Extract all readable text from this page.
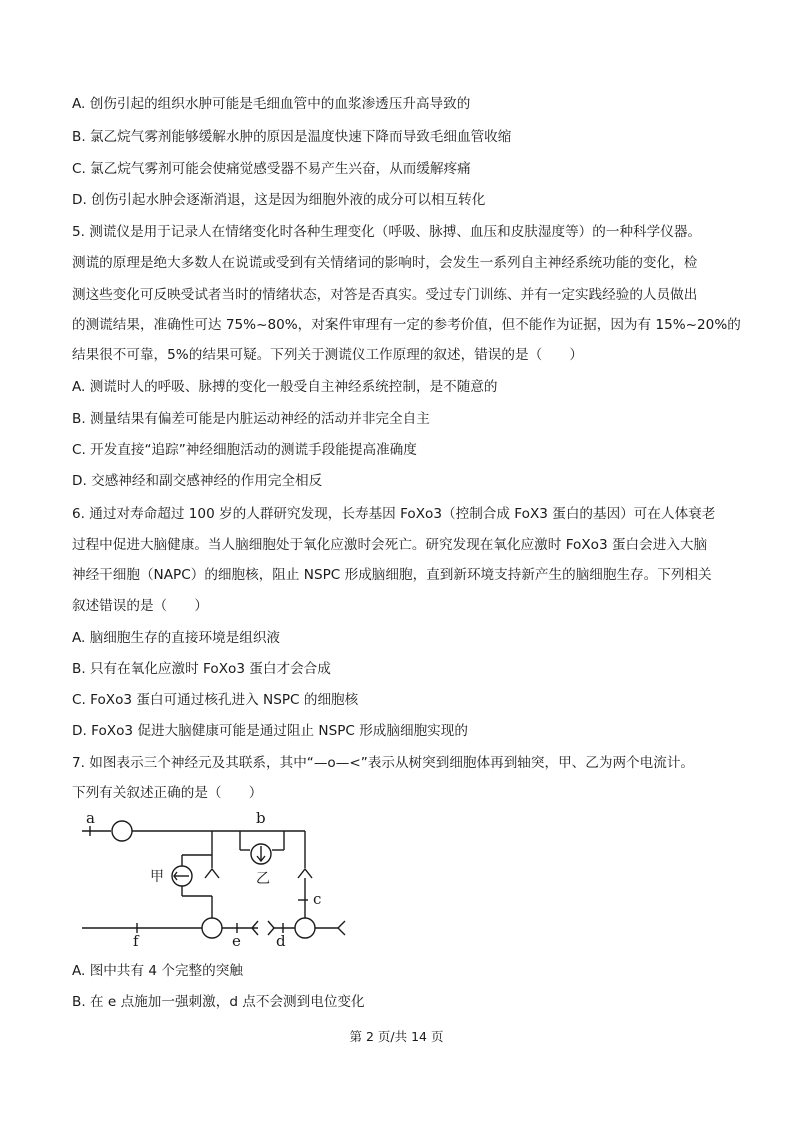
A. 创伤引起的组织水肿可能是毛细血管中的血浆渗透压升高导致的
B. 氯乙烷气雾剂能够缓解水肿的原因是温度快速下降而导致毛细血管收缩
C. 氯乙烷气雾剂可能会使痛觉感受器不易产生兴奋，从而缓解疼痛
D. 创伤引起水肿会逐渐消退，这是因为细胞外液的成分可以相互转化
5. 测谎仪是用于记录人在情绪变化时各种生理变化（呼吸、脉搏、血压和皮肤湿度等）的一种科学仪器。
测谎的原理是绝大多数人在说谎或受到有关情绪词的影响时，会发生一系列自主神经系统功能的变化，检
测这些变化可反映受试者当时的情绪状态，对答是否真实。受过专门训练、并有一定实践经验的人员做出
的测谎结果，准确性可达 75%~80%，对案件审理有一定的参考价值，但不能作为证据，因为有 15%~20%的
结果很不可靠，5%的结果可疑。下列关于测谎仪工作原理的叙述，错误的是（　　）
A. 测谎时人的呼吸、脉搏的变化一般受自主神经系统控制，是不随意的
B. 测量结果有偏差可能是内脏运动神经的活动并非完全自主
C. 开发直接“追踪”神经细胞活动的测谎手段能提高准确度
D. 交感神经和副交感神经的作用完全相反
6. 通过对寿命超过 100 岁的人群研究发现，长寿基因 FoXo3（控制合成 FoX3 蛋白的基因）可在人体衰老
过程中促进大脑健康。当人脑细胞处于氧化应激时会死亡。研究发现在氧化应激时 FoXo3 蛋白会进入大脑
神经干细胞（NAPC）的细胞核，阻止 NSPC 形成脑细胞，直到新环境支持新产生的脑细胞生存。下列相关
叙述错误的是（　　）
A. 脑细胞生存的直接环境是组织液
B. 只有在氧化应激时 FoXo3 蛋白才会合成
C. FoXo3 蛋白可通过核孔进入 NSPC 的细胞核
D. FoXo3 促进大脑健康可能是通过阻止 NSPC 形成脑细胞实现的
7. 如图表示三个神经元及其联系，其中“—o—<”表示从树突到细胞体再到轴突，甲、乙为两个电流计。
下列有关叙述正确的是（　　）
a	b
c
d
e
f
甲	乙
A. 图中共有 4 个完整的突触
B. 在 e 点施加一强刺激，d 点不会测到电位变化
第 2 页/共 14 页
